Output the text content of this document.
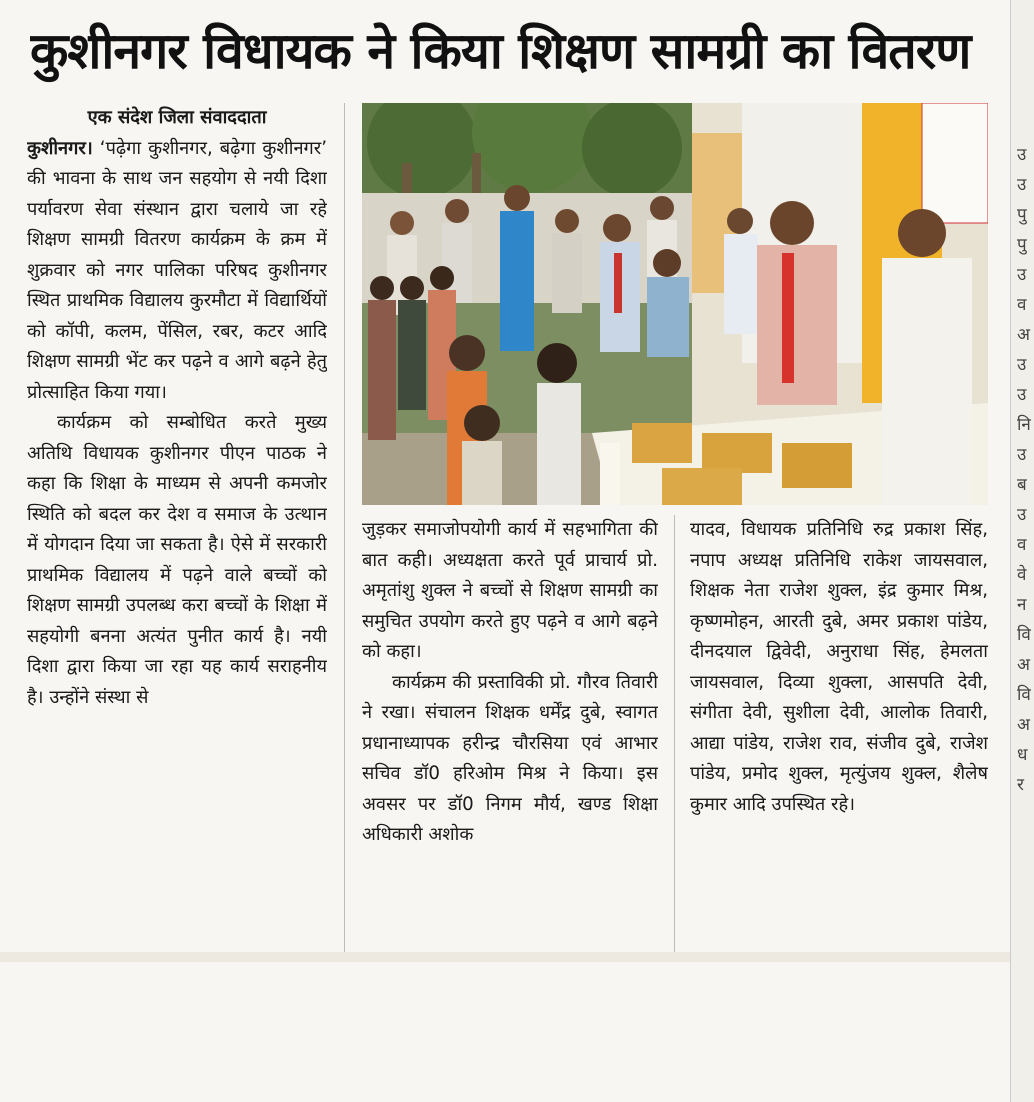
कुशीनगर विधायक ने किया शिक्षण सामग्री का वितरण

एक संदेश जिला संवाददाता

कुशीनगर। ‘पढ़ेगा कुशीनगर, बढ़ेगा कुशीनगर’ की भावना के साथ जन सहयोग से नयी दिशा पर्यावरण सेवा संस्थान द्वारा चलाये जा रहे शिक्षण सामग्री वितरण कार्यक्रम के क्रम में शुक्रवार को नगर पालिका परिषद कुशीनगर स्थित प्राथमिक विद्यालय कुरमौटा में विद्यार्थियों को कॉपी, कलम, पेंसिल, रबर, कटर आदि शिक्षण सामग्री भेंट कर पढ़ने व आगे बढ़ने हेतु प्रोत्साहित किया गया।

कार्यक्रम को सम्बोधित करते मुख्य अतिथि विधायक कुशीनगर पीएन पाठक ने कहा कि शिक्षा के माध्यम से अपनी कमजोर स्थिति को बदल कर देश व समाज के उत्थान में योगदान दिया जा सकता है। ऐसे में सरकारी प्राथमिक विद्यालय में पढ़ने वाले बच्चों को शिक्षण सामग्री उपलब्ध करा बच्चों के शिक्षा में सहयोगी बनना अत्यंत पुनीत कार्य है। नयी दिशा द्वारा किया जा रहा यह कार्य सराहनीय है। उन्होंने संस्था से

जुड़कर समाजोपयोगी कार्य में सहभागिता की बात कही। अध्यक्षता करते पूर्व प्राचार्य प्रो. अमृतांशु शुक्ल ने बच्चों से शिक्षण सामग्री का समुचित उपयोग करते हुए पढ़ने व आगे बढ़ने को कहा।

कार्यक्रम की प्रस्ताविकी प्रो. गौरव तिवारी ने रखा। संचालन शिक्षक धर्मेंद्र दुबे, स्वागत प्रधानाध्यापक हरीन्द्र चौरसिया एवं आभार सचिव डॉ0 हरिओम मिश्र ने किया। इस अवसर पर डॉ0 निगम मौर्य, खण्ड शिक्षा अधिकारी अशोक

यादव, विधायक प्रतिनिधि रुद्र प्रकाश सिंह, नपाप अध्यक्ष प्रतिनिधि राकेश जायसवाल, शिक्षक नेता राजेश शुक्ल, इंद्र कुमार मिश्र, कृष्णमोहन, आरती दुबे, अमर प्रकाश पांडेय, दीनदयाल द्विवेदी, अनुराधा सिंह, हेमलता जायसवाल, दिव्या शुक्ला, आसपति देवी, संगीता देवी, सुशीला देवी, आलोक तिवारी, आद्या पांडेय, राजेश राव, संजीव दुबे, राजेश पांडेय, प्रमोद शुक्ल, मृत्युंजय शुक्ल, शैलेष कुमार आदि उपस्थित रहे।

उ
उ
पु
पु
उ
व
अ
उ
उ
नि
उ
ब
उ
व
वे
न
वि
अ
वि
अ
ध
र
